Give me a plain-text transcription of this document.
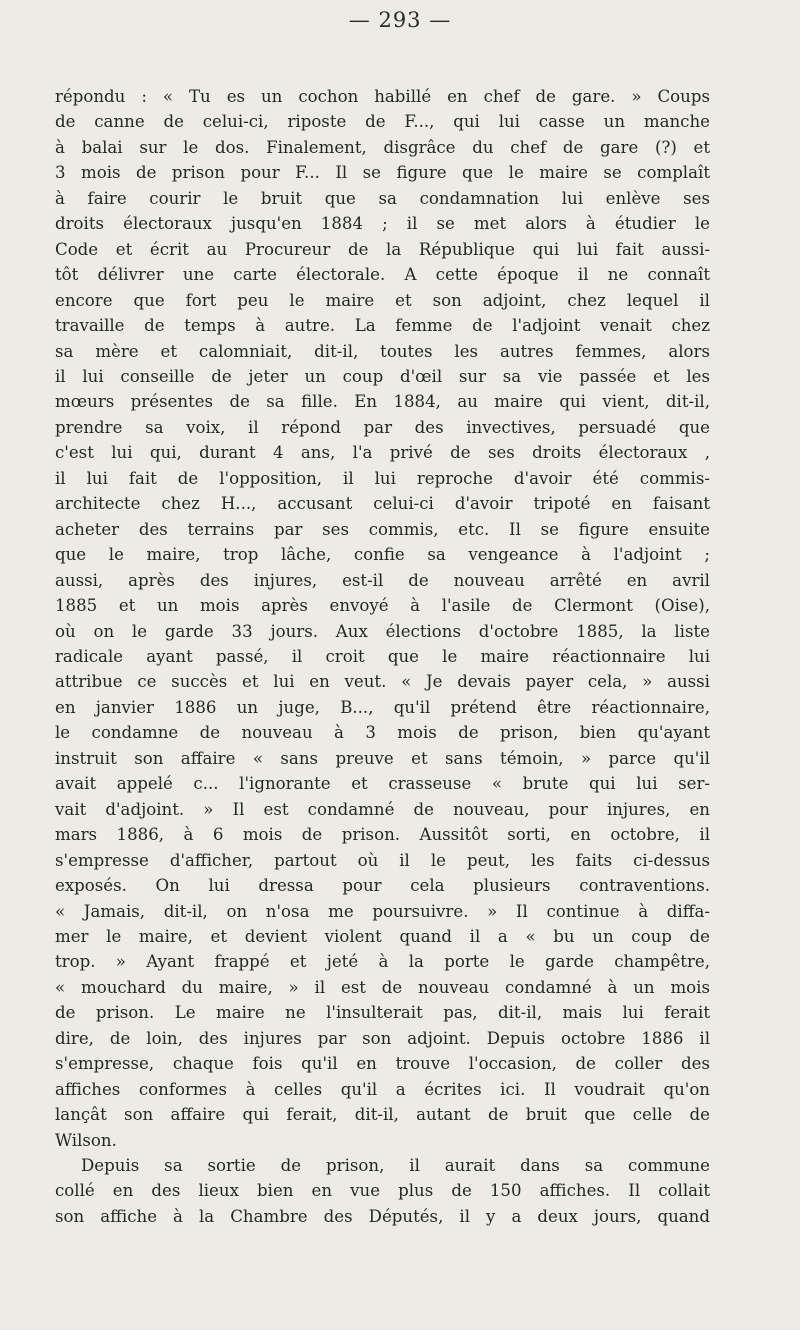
— 293 —
répondu : « Tu es un cochon habillé en chef de gare. » Coups
de canne de celui-ci, riposte de F..., qui lui casse un manche
à balai sur le dos. Finalement, disgrâce du chef de gare (?) et
3 mois de prison pour F... Il se figure que le maire se complaît
à faire courir le bruit que sa condamnation lui enlève ses
droits électoraux jusqu'en 1884 ; il se met alors à étudier le
Code et écrit au Procureur de la République qui lui fait aussi-
tôt délivrer une carte électorale. A cette époque il ne connaît
encore que fort peu le maire et son adjoint, chez lequel il
travaille de temps à autre. La femme de l'adjoint venait chez
sa mère et calomniait, dit-il, toutes les autres femmes, alors
il lui conseille de jeter un coup d'œil sur sa vie passée et les
mœurs présentes de sa fille. En 1884, au maire qui vient, dit-il,
prendre sa voix, il répond par des invectives, persuadé que
c'est lui qui, durant 4 ans, l'a privé de ses droits électoraux ,
il lui fait de l'opposition, il lui reproche d'avoir été commis-
architecte chez H..., accusant celui-ci d'avoir tripoté en faisant
acheter des terrains par ses commis, etc. Il se figure ensuite
que le maire, trop lâche, confie sa vengeance à l'adjoint ;
aussi, après des injures, est-il de nouveau arrêté en avril
1885 et un mois après envoyé à l'asile de Clermont (Oise),
où on le garde 33 jours. Aux élections d'octobre 1885, la liste
radicale ayant passé, il croit que le maire réactionnaire lui
attribue ce succès et lui en veut. « Je devais payer cela, » aussi
en janvier 1886 un juge, B..., qu'il prétend être réactionnaire,
le condamne de nouveau à 3 mois de prison, bien qu'ayant
instruit son affaire « sans preuve et sans témoin, » parce qu'il
avait appelé c... l'ignorante et crasseuse « brute qui lui ser-
vait d'adjoint. » Il est condamné de nouveau, pour injures, en
mars 1886, à 6 mois de prison. Aussitôt sorti, en octobre, il
s'empresse d'afficher, partout où il le peut, les faits ci-dessus
exposés. On lui dressa pour cela plusieurs contraventions.
« Jamais, dit-il, on n'osa me poursuivre. » Il continue à diffa-
mer le maire, et devient violent quand il a « bu un coup de
trop. » Ayant frappé et jeté à la porte le garde champêtre,
« mouchard du maire, » il est de nouveau condamné à un mois
de prison. Le maire ne l'insulterait pas, dit-il, mais lui ferait
dire, de loin, des injures par son adjoint. Depuis octobre 1886 il
s'empresse, chaque fois qu'il en trouve l'occasion, de coller des
affiches conformes à celles qu'il a écrites ici. Il voudrait qu'on
lançât son affaire qui ferait, dit-il, autant de bruit que celle de
Wilson.
Depuis sa sortie de prison, il aurait dans sa commune
collé en des lieux bien en vue plus de 150 affiches. Il collait
son affiche à la Chambre des Députés, il y a deux jours, quand
